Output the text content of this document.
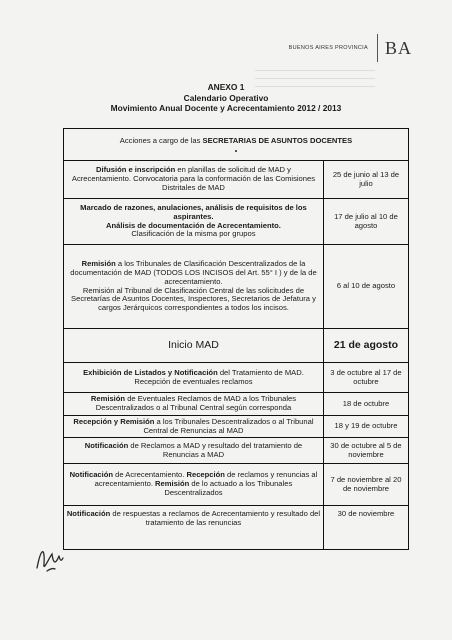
BUENOS AIRES PROVINCIA BA
ANEXO 1
Calendario Operativo
Movimiento Anual Docente y Acrecentamiento 2012 / 2013
Acciones a cargo de las SECRETARIAS DE ASUNTOS DOCENTES	

Difusión e inscripción en planillas de solicitud de MAD y Acrecentamiento. Convocatoria para la conformación de las Comisiones Distritales de MAD	25 de junio al 13 de julio
Marcado de razones, anulaciones, análisis de requisitos de los aspirantes.
Análisis de documentación de Acrecentamiento.
Clasificación de la misma por grupos	17 de julio al 10 de agosto
Remisión a los Tribunales de Clasificación Descentralizados de la documentación de MAD (TODOS LOS INCISOS del Art. 55° I ) y de la de acrecentamiento.
Remisión al Tribunal de Clasificación Central de las solicitudes de Secretarías de Asuntos Docentes, Inspectores, Secretarios de Jefatura y cargos Jerárquicos correspondientes a todos los incisos.	6 al 10 de agosto
Inicio MAD	21 de agosto
Exhibición de Listados y Notificación del Tratamiento de MAD. Recepción de eventuales reclamos	3 de octubre al 17 de octubre
Remisión de Eventuales Reclamos de MAD a los Tribunales Descentralizados o al Tribunal Central según corresponda	18 de octubre
Recepción y Remisión a los Tribunales Descentralizados o al Tribunal Central de Renuncias al MAD	18 y 19 de octubre
Notificación de Reclamos a MAD y resultado del tratamiento de Renuncias a MAD	30 de octubre al 5 de noviembre
Notificación de Acrecentamiento. Recepción de reclamos y renuncias al acrecentamiento. Remisión de lo actuado a los Tribunales Descentralizados	7 de noviembre al 20 de noviembre
Notificación de respuestas a reclamos de Acrecentamiento y resultado del tratamiento de las renuncias	30 de noviembre
